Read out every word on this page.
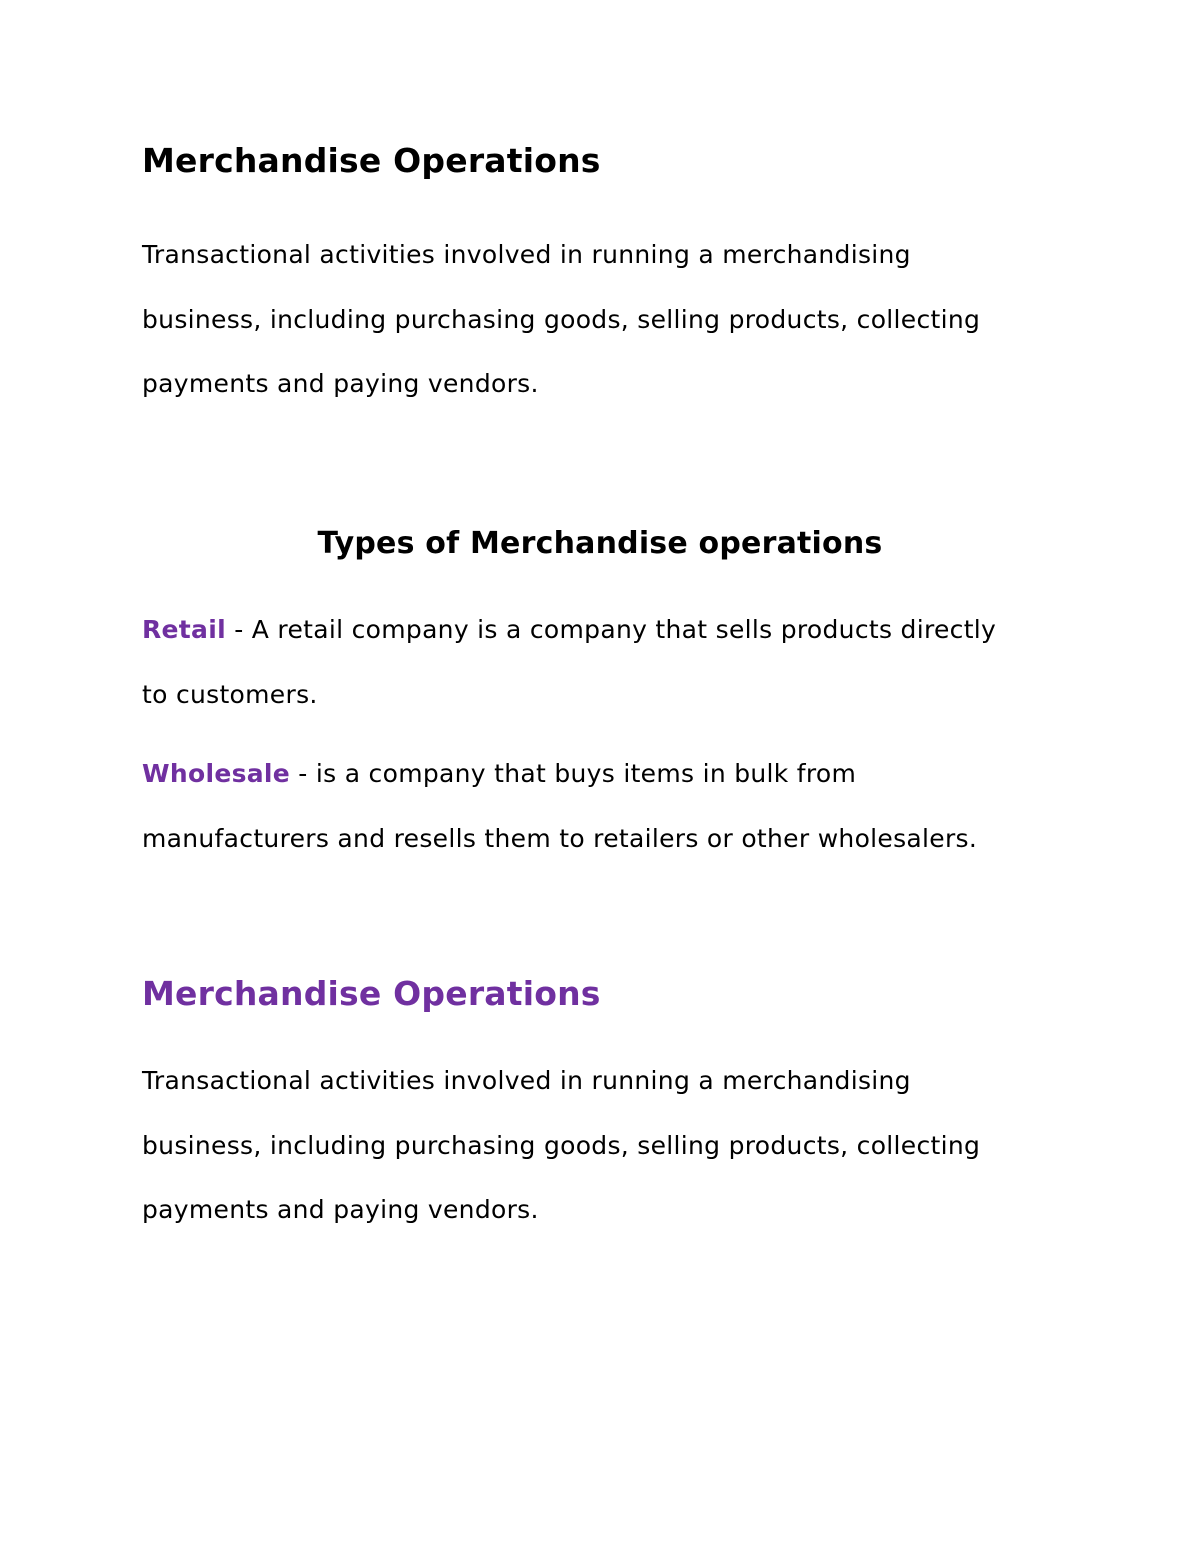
Merchandise Operations
Transactional activities involved in running a merchandising
business, including purchasing goods, selling products, collecting
payments and paying vendors.
Types of Merchandise operations
Retail - A retail company is a company that sells products directly
to customers.
Wholesale - is a company that buys items in bulk from
manufacturers and resells them to retailers or other wholesalers.
Merchandise Operations
Transactional activities involved in running a merchandising
business, including purchasing goods, selling products, collecting
payments and paying vendors.
